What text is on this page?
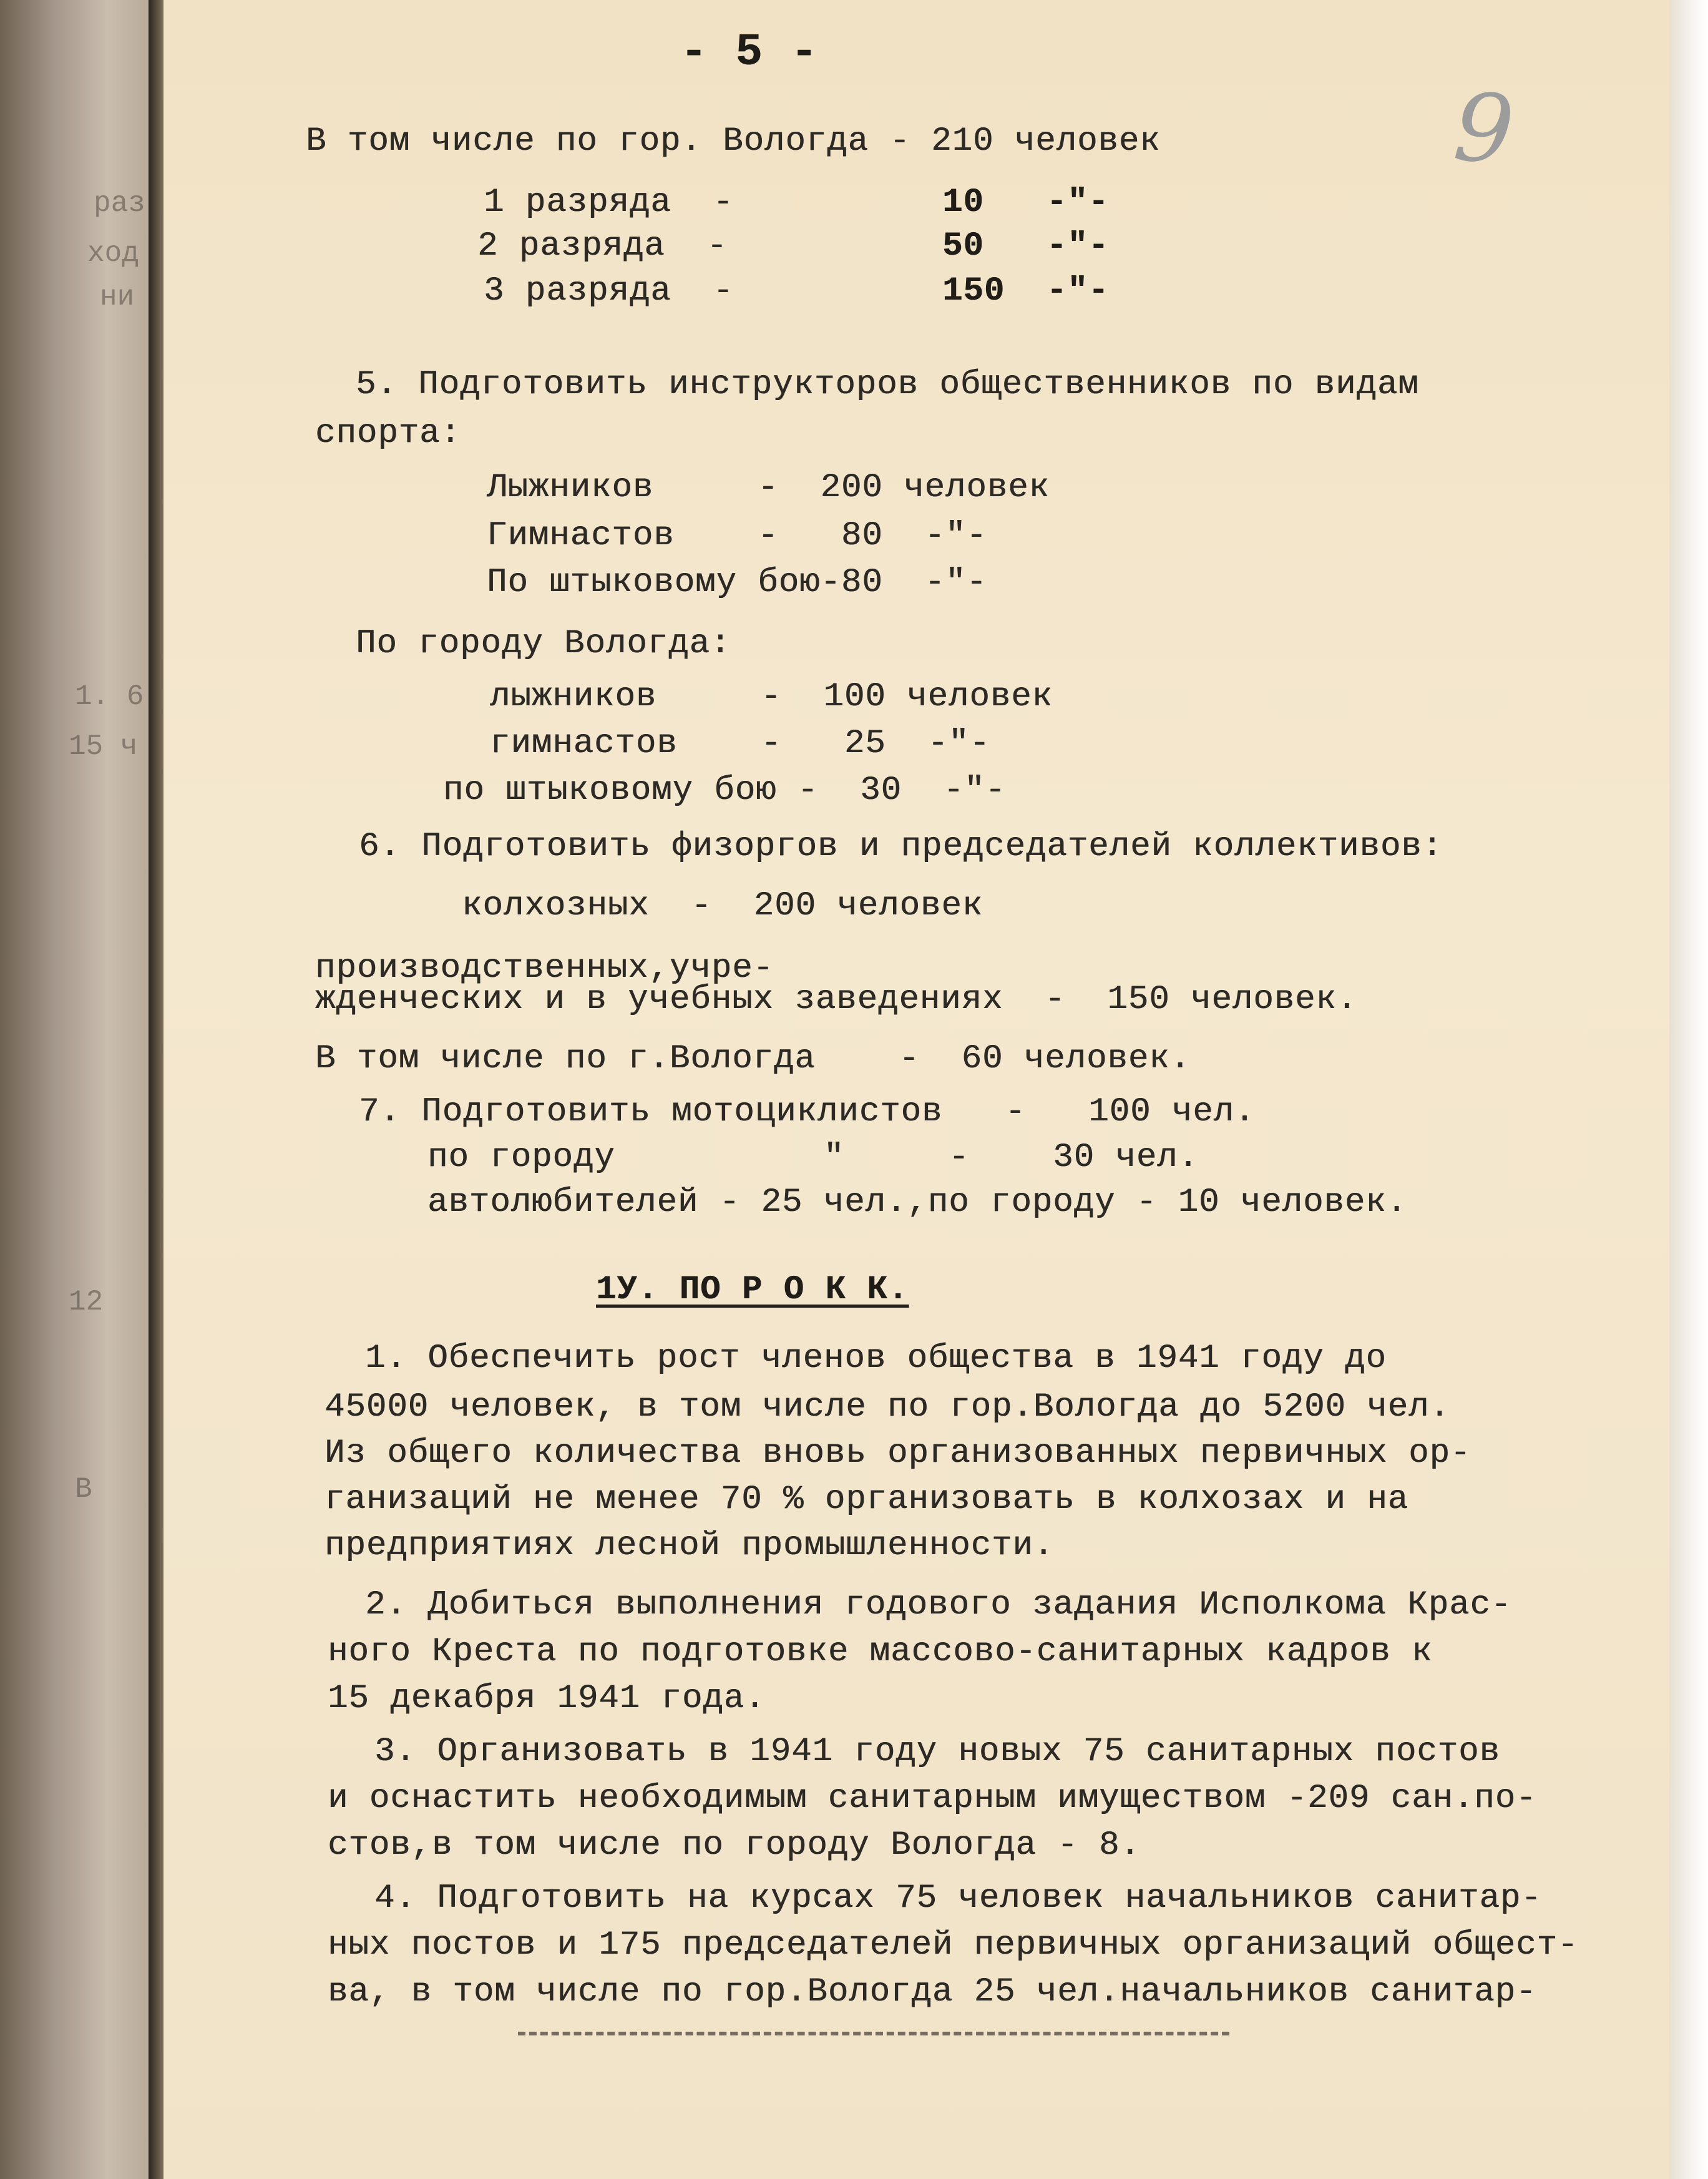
раз
ход
ни
1. 6
15 ч
12
В
- 5 -
9
В том числе по гор. Вологда - 210 человек
1 разряда  -	10   -"-
2 разряда  -	50   -"-
3 разряда  -	150  -"-
5. Подготовить инструкторов общественников по видам
спорта:
Лыжников     -  200 человек
Гимнастов    -   80  -"-
По штыковому бою-80  -"-
По городу Вологда:
лыжников     -  100 человек
гимнастов    -   25  -"-
по штыковому бою -  30  -"-
6. Подготовить физоргов и председателей коллективов:
колхозных  -  200 человек
производственных,учре-
жденческих и в учебных заведениях  -  150 человек.
В том числе по г.Вологда    -  60 человек.
7. Подготовить мотоциклистов   -   100 чел.
по городу          "     -    30 чел.
автолюбителей - 25 чел.,по городу - 10 человек.
1У. ПО Р О К К.
1. Обеспечить рост членов общества в 1941 году до
45000 человек, в том числе по гор.Вологда до 5200 чел.
Из общего количества вновь организованных первичных ор-
ганизаций не менее 70 % организовать в колхозах и на
предприятиях лесной промышленности.
2. Добиться выполнения годового задания Исполкома Крас-
ного Креста по подготовке массово-санитарных кадров к
15 декабря 1941 года.
3. Организовать в 1941 году новых 75 санитарных постов
и оснастить необходимым санитарным имуществом -209 сан.по-
стов,в том числе по городу Вологда - 8.
4. Подготовить на курсах 75 человек начальников санитар-
ных постов и 175 председателей первичных организаций общест-
ва, в том числе по гор.Вологда 25 чел.начальников санитар-
